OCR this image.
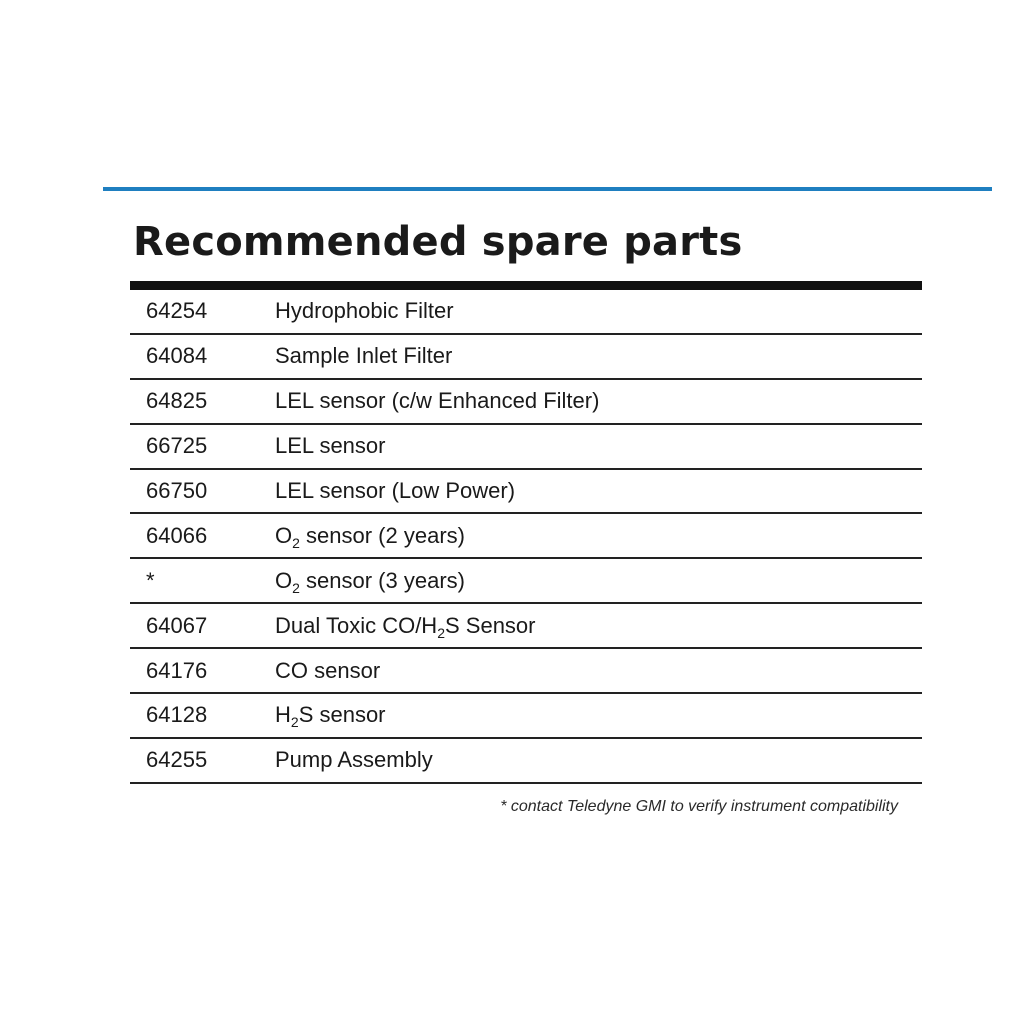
Recommended spare parts
64254	Hydrophobic Filter
64084	Sample Inlet Filter
64825	LEL sensor (c/w Enhanced Filter)
66725	LEL sensor
66750	LEL sensor (Low Power)
64066	$O_2$ sensor (2 years)
*	$O_2$ sensor (3 years)
64067	Dual Toxic $CO/H_2S$ Sensor
64176	CO sensor
64128	$H_2S$ sensor
64255	Pump Assembly
* contact Teledyne GMI to verify instrument compatibility
